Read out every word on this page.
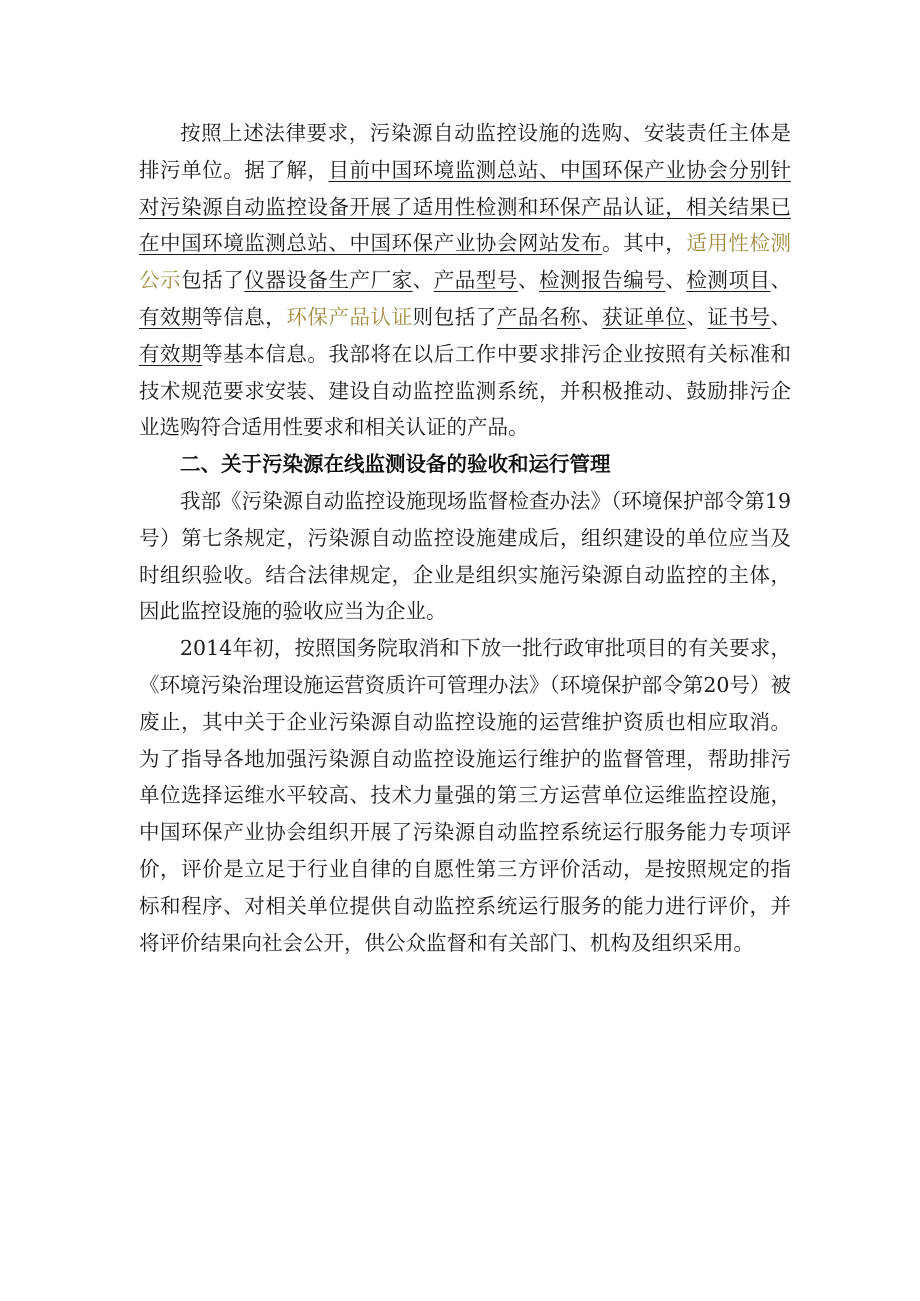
按照上述法律要求，污染源自动监控设施的选购、安装责任主体是排污单位。据了解，目前中国环境监测总站、中国环保产业协会分别针对污染源自动监控设备开展了适用性检测和环保产品认证，相关结果已在中国环境监测总站、中国环保产业协会网站发布。其中，适用性检测公示包括了仪器设备生产厂家、产品型号、检测报告编号、检测项目、有效期等信息，环保产品认证则包括了产品名称、获证单位、证书号、有效期等基本信息。我部将在以后工作中要求排污企业按照有关标准和技术规范要求安装、建设自动监控监测系统，并积极推动、鼓励排污企业选购符合适用性要求和相关认证的产品。

二、关于污染源在线监测设备的验收和运行管理

我部《污染源自动监控设施现场监督检查办法》（环境保护部令第19号）第七条规定，污染源自动监控设施建成后，组织建设的单位应当及时组织验收。结合法律规定，企业是组织实施污染源自动监控的主体，因此监控设施的验收应当为企业。

2014年初，按照国务院取消和下放一批行政审批项目的有关要求，《环境污染治理设施运营资质许可管理办法》（环境保护部令第20号）被废止，其中关于企业污染源自动监控设施的运营维护资质也相应取消。为了指导各地加强污染源自动监控设施运行维护的监督管理，帮助排污单位选择运维水平较高、技术力量强的第三方运营单位运维监控设施，中国环保产业协会组织开展了污染源自动监控系统运行服务能力专项评价，评价是立足于行业自律的自愿性第三方评价活动，是按照规定的指标和程序、对相关单位提供自动监控系统运行服务的能力进行评价，并将评价结果向社会公开，供公众监督和有关部门、机构及组织采用。
